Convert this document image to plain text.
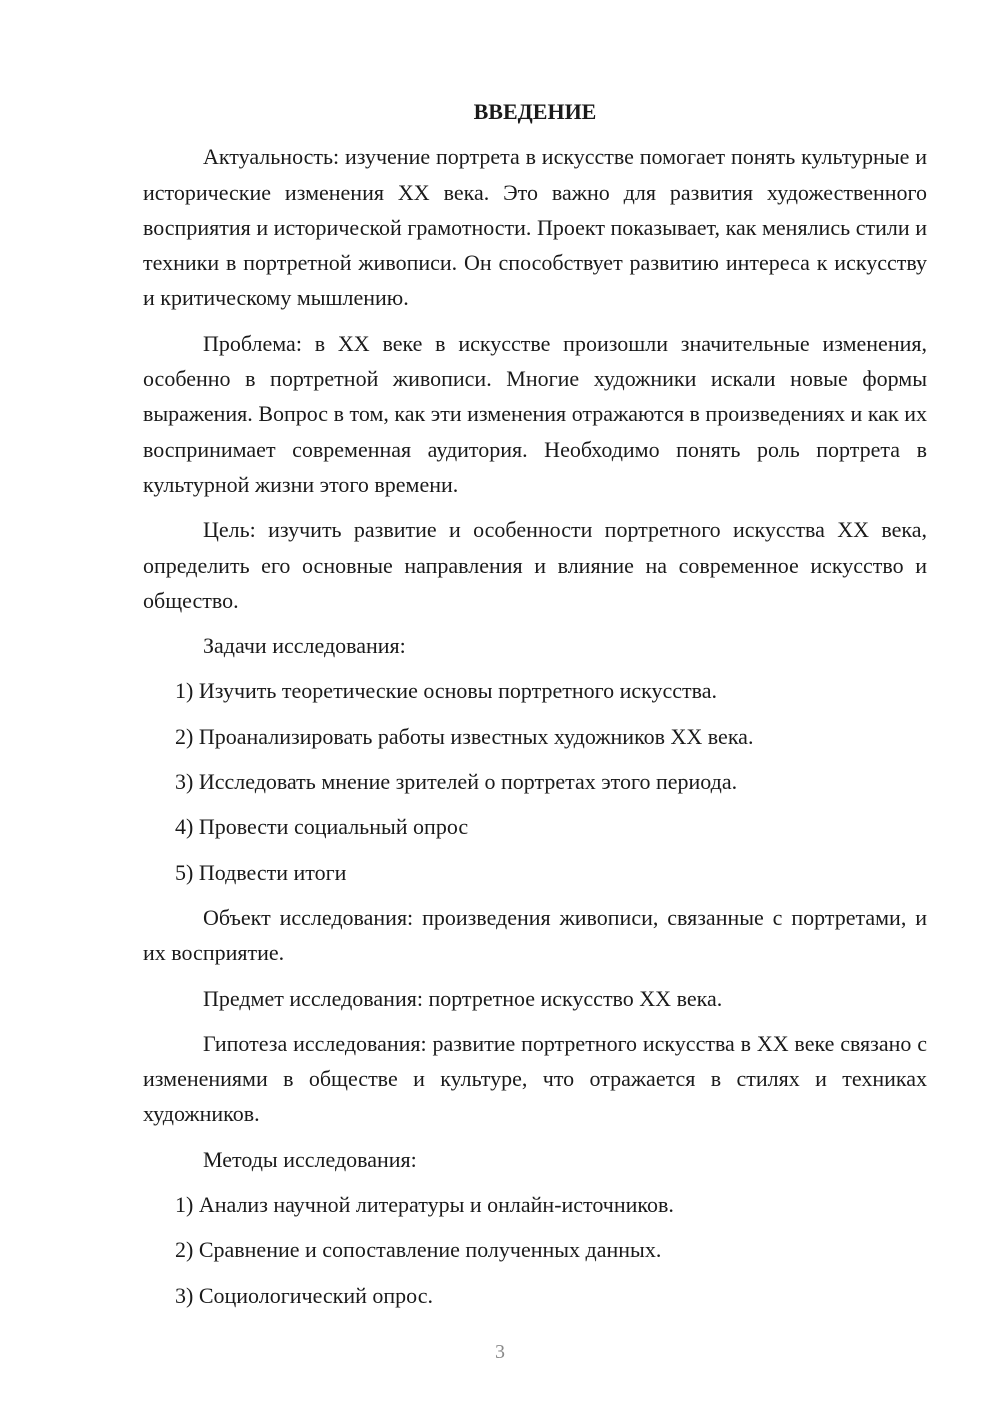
ВВЕДЕНИЕ

Актуальность: изучение портрета в искусстве помогает понять культурные и исторические изменения XX века. Это важно для развития художественного восприятия и исторической грамотности. Проект показывает, как менялись стили и техники в портретной живописи. Он способствует развитию интереса к искусству и критическому мышлению.

Проблема: в XX веке в искусстве произошли значительные изменения, особенно в портретной живописи. Многие художники искали новые формы выражения. Вопрос в том, как эти изменения отражаются в произведениях и как их воспринимает современная аудитория. Необходимо понять роль портрета в культурной жизни этого времени.

Цель: изучить развитие и особенности портретного искусства XX века, определить его основные направления и влияние на современное искусство и общество.

Задачи исследования:

1) Изучить теоретические основы портретного искусства.

2) Проанализировать работы известных художников XX века.

3) Исследовать мнение зрителей о портретах этого периода.

4) Провести социальный опрос

5) Подвести итоги

Объект исследования: произведения живописи, связанные с портретами, и их восприятие.

Предмет исследования: портретное искусство XX века.

Гипотеза исследования: развитие портретного искусства в XX веке связано с изменениями в обществе и культуре, что отражается в стилях и техниках художников.

Методы исследования:

1) Анализ научной литературы и онлайн-источников.

2) Сравнение и сопоставление полученных данных.

3) Социологический опрос.

3
